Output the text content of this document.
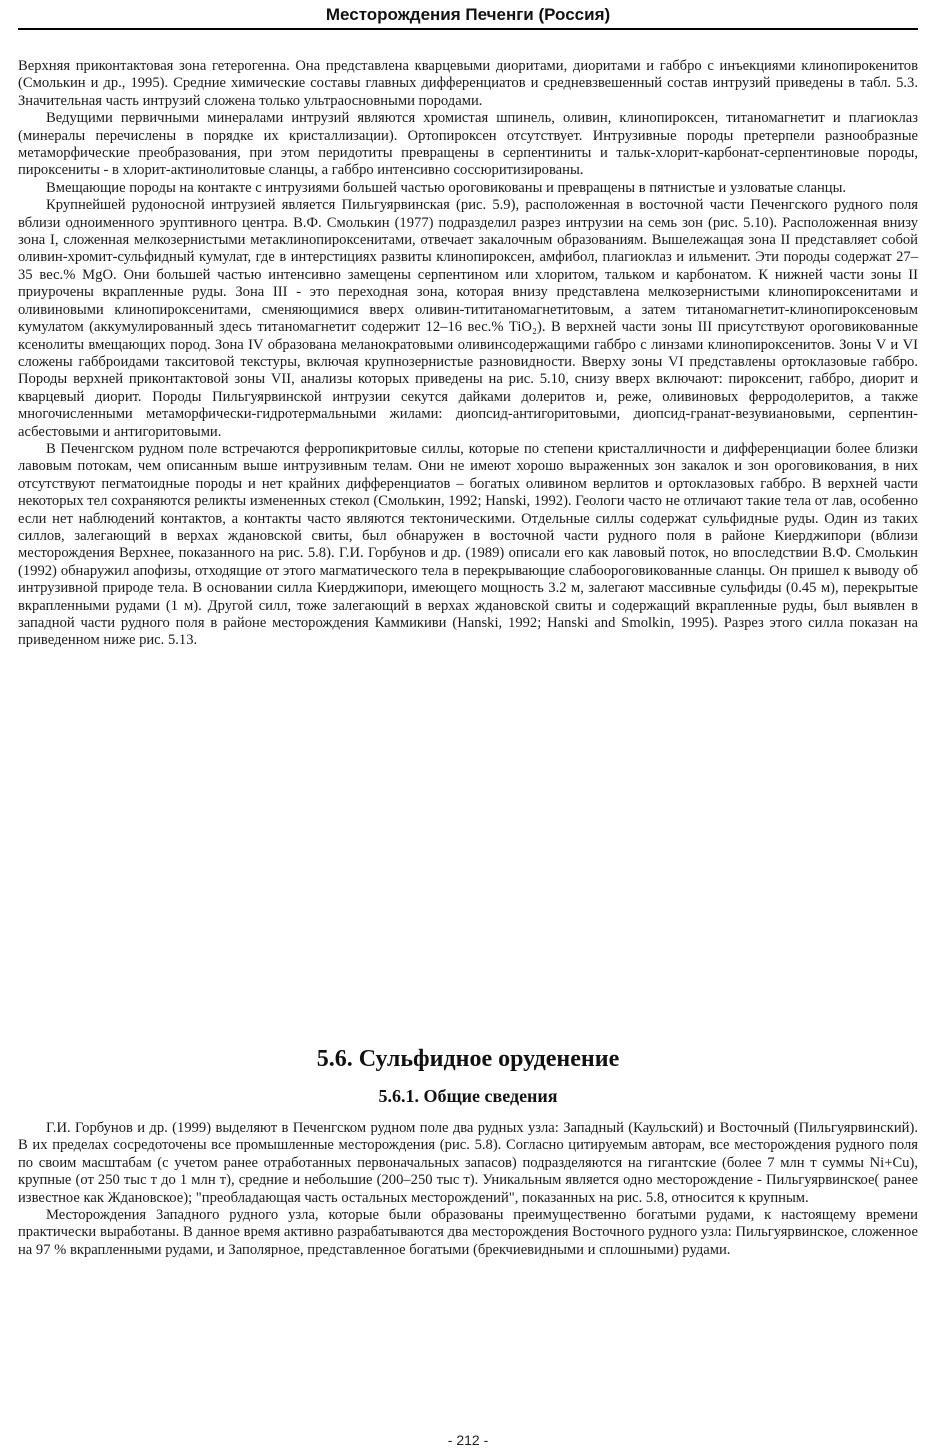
Месторождения Печенги (Россия)

Верхняя приконтактовая зона гетерогенна. Она представлена кварцевыми диоритами, диоритами и габбро с инъекциями клинопирокенитов (Смолькин и др., 1995). Средние химические составы главных дифференциатов и средневзвешенный состав интрузий приведены в табл. 5.3. Значительная часть интрузий сложена только ультраосновными породами.

Ведущими первичными минералами интрузий являются хромистая шпинель, оливин, клинопироксен, титаномагнетит и плагиоклаз (минералы перечислены в порядке их кристаллизации). Ортопироксен отсутствует. Интрузивные породы претерпели разнообразные метаморфические преобразования, при этом перидотиты превращены в серпентиниты и тальк-хлорит-карбонат-серпентиновые породы, пироксениты - в хлорит-актинолитовые сланцы, а габбро интенсивно соссюритизированы.

Вмещающие породы на контакте с интрузиями большей частью ороговикованы и превращены в пятнистые и узловатые сланцы.

Крупнейшей рудоносной интрузией является Пильгуярвинская (рис. 5.9), расположенная в восточной части Печенгского рудного поля вблизи одноименного эруптивного центра. В.Ф. Смолькин (1977) подразделил разрез интрузии на семь зон (рис. 5.10). Расположенная внизу зона I, сложенная мелкозернистыми метаклинопироксенитами, отвечает закалочным образованиям. Вышележащая зона II представляет собой оливин-хромит-сульфидный кумулат, где в интерстициях развиты клинопироксен, амфибол, плагиоклаз и ильменит. Эти породы содержат 27–35 вес.% MgO. Они большей частью интенсивно замещены серпентином или хлоритом, тальком и карбонатом. К нижней части зоны II приурочены вкрапленные руды. Зона III - это переходная зона, которая внизу представлена мелкозернистыми клинопироксенитами и оливиновыми клинопироксенитами, сменяющимися вверх оливин-тититаномагнетитовым, а затем титаномагнетит-клинопироксеновым кумулатом (аккумулированный здесь титаномагнетит содержит 12–16 вес.% TiO₂). В верхней части зоны III присутствуют ороговикованные ксенолиты вмещающих пород. Зона IV образована меланократовыми оливинсодержащими габбро с линзами клинопироксенитов. Зоны V и VI сложены габброидами такситовой текстуры, включая крупнозернистые разновидности. Вверху зоны VI представлены ортоклазовые габбро. Породы верхней приконтактовой зоны VII, анализы которых приведены на рис. 5.10, снизу вверх включают: пироксенит, габбро, диорит и кварцевый диорит. Породы Пильгуярвинской интрузии секутся дайками долеритов и, реже, оливиновых ферродолеритов, а также многочисленными метаморфически-гидротермальными жилами: диопсид-антигоритовыми, диопсид-гранат-везувиановыми, серпентин-асбестовыми и антигоритовыми.

В Печенгском рудном поле встречаются ферропикритовые силлы, которые по степени кристалличности и дифференциации более близки лавовым потокам, чем описанным выше интрузивным телам. Они не имеют хорошо выраженных зон закалок и зон ороговикования, в них отсутствуют пегматоидные породы и нет крайних дифференциатов – богатых оливином верлитов и ортоклазовых габбро. В верхней части некоторых тел сохраняются реликты измененных стекол (Смолькин, 1992; Hanski, 1992). Геологи часто не отличают такие тела от лав, особенно если нет наблюдений контактов, а контакты часто являются тектоническими. Отдельные силлы содержат сульфидные руды. Один из таких силлов, залегающий в верхах ждановской свиты, был обнаружен в восточной части рудного поля в районе Киерджипори (вблизи месторождения Верхнее, показанного на рис. 5.8). Г.И. Горбунов и др. (1989) описали его как лавовый поток, но впоследствии В.Ф. Смолькин (1992) обнаружил апофизы, отходящие от этого магматического тела в перекрывающие слабоороговикованные сланцы. Он пришел к выводу об интрузивной природе тела. В основании силла Киерджипори, имеющего мощность 3.2 м, залегают массивные сульфиды (0.45 м), перекрытые вкрапленными рудами (1 м). Другой силл, тоже залегающий в верхах ждановской свиты и содержащий вкрапленные руды, был выявлен в западной части рудного поля в районе месторождения Каммикиви (Hanski, 1992; Hanski and Smolkin, 1995). Разрез этого силла показан на приведенном ниже рис. 5.13.

5.6. Сульфидное оруденение
5.6.1. Общие сведения

Г.И. Горбунов и др. (1999) выделяют в Печенгском рудном поле два рудных узла: Западный (Каульский) и Восточный (Пильгуярвинский). В их пределах сосредоточены все промышленные месторождения (рис. 5.8). Согласно цитируемым авторам, все месторождения рудного поля по своим масштабам (с учетом ранее отработанных первоначальных запасов) подразделяются на гигантские (более 7 млн т суммы Ni+Cu), крупные (от 250 тыс т до 1 млн т), средние и небольшие (200–250 тыс т). Уникальным является одно месторождение - Пильгуярвинское( ранее известное как Ждановское); "преобладающая часть остальных месторождений", показанных на рис. 5.8, относится к крупным.

Месторождения Западного рудного узла, которые были образованы преимущественно богатыми рудами, к настоящему времени практически выработаны. В данное время активно разрабатываются два месторождения Восточного рудного узла: Пильгуярвинское, сложенное на 97 % вкрапленными рудами, и Заполярное, представленное богатыми (брекчиевидными и сплошными) рудами.

- 212 -
